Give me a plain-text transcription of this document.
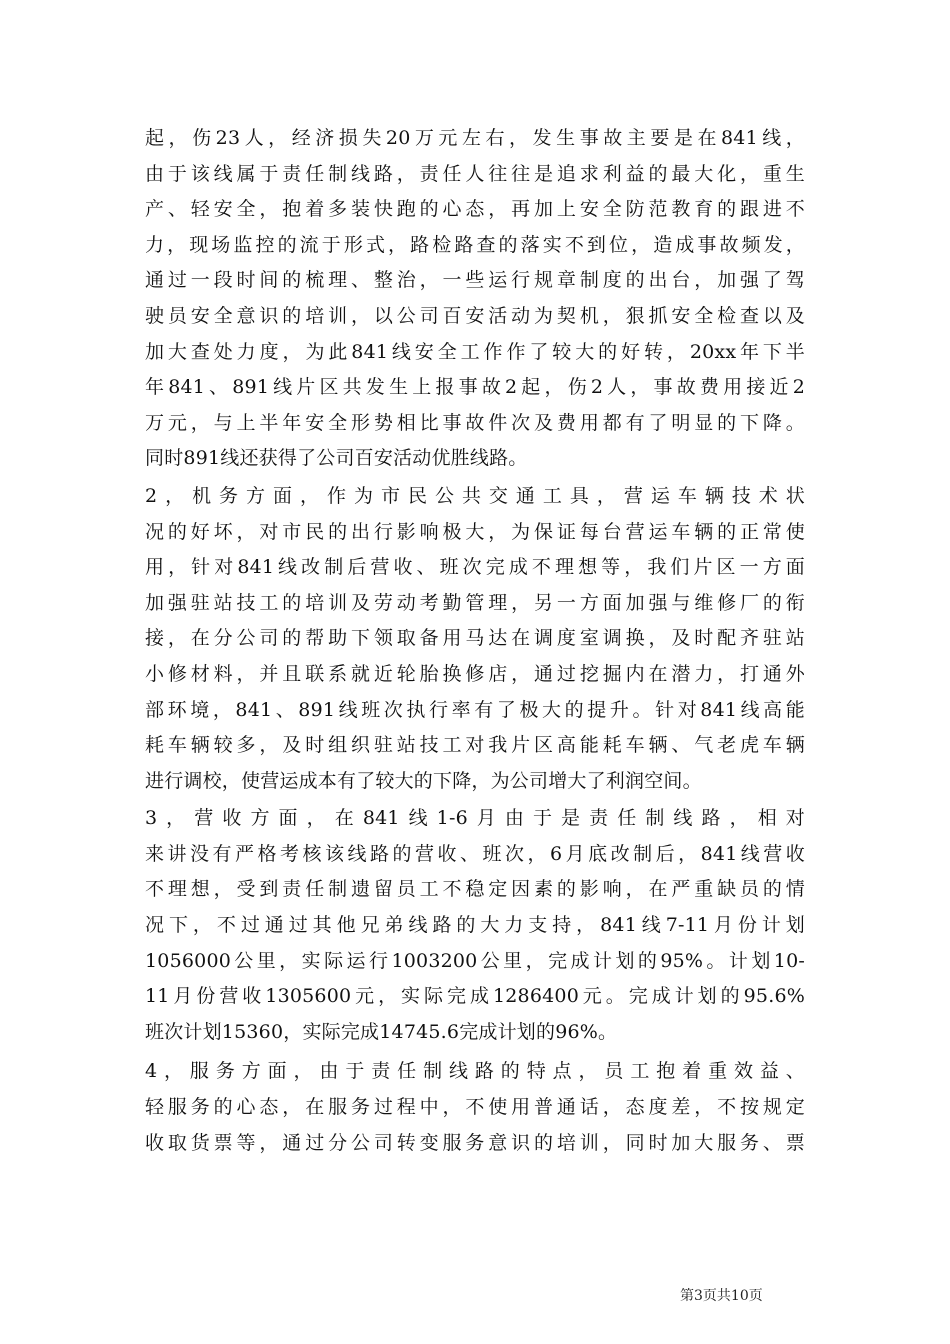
起，伤23人，经济损失20万元左右，发生事故主要是在841线，
由于该线属于责任制线路，责任人往往是追求利益的最大化，重生
产、轻安全，抱着多装快跑的心态，再加上安全防范教育的跟进不
力，现场监控的流于形式，路检路查的落实不到位，造成事故频发，
通过一段时间的梳理、整治，一些运行规章制度的出台，加强了驾
驶员安全意识的培训，以公司百安活动为契机，狠抓安全检查以及
加大查处力度，为此841线安全工作作了较大的好转，20xx年下半
年841、891线片区共发生上报事故2起，伤2人，事故费用接近2
万元，与上半年安全形势相比事故件次及费用都有了明显的下降。
同时891线还获得了公司百安活动优胜线路。
2，机务方面，作为市民公共交通工具，营运车辆技术状
况的好坏，对市民的出行影响极大，为保证每台营运车辆的正常使
用，针对841线改制后营收、班次完成不理想等，我们片区一方面
加强驻站技工的培训及劳动考勤管理，另一方面加强与维修厂的衔
接，在分公司的帮助下领取备用马达在调度室调换，及时配齐驻站
小修材料，并且联系就近轮胎换修店，通过挖掘内在潜力，打通外
部环境，841、891线班次执行率有了极大的提升。针对841线高能
耗车辆较多，及时组织驻站技工对我片区高能耗车辆、气老虎车辆
进行调校，使营运成本有了较大的下降，为公司增大了利润空间。
3，营收方面，在841线1-6月由于是责任制线路，相对
来讲没有严格考核该线路的营收、班次，6月底改制后，841线营收
不理想，受到责任制遗留员工不稳定因素的影响，在严重缺员的情
况下，不过通过其他兄弟线路的大力支持，841线7-11月份计划
1056000公里，实际运行1003200公里，完成计划的95%。计划10-
11月份营收1305600元，实际完成1286400元。完成计划的95.6%
班次计划15360，实际完成14745.6完成计划的96%。
4，服务方面，由于责任制线路的特点，员工抱着重效益、
轻服务的心态，在服务过程中，不使用普通话，态度差，不按规定
收取货票等，通过分公司转变服务意识的培训，同时加大服务、票
第3页共10页
